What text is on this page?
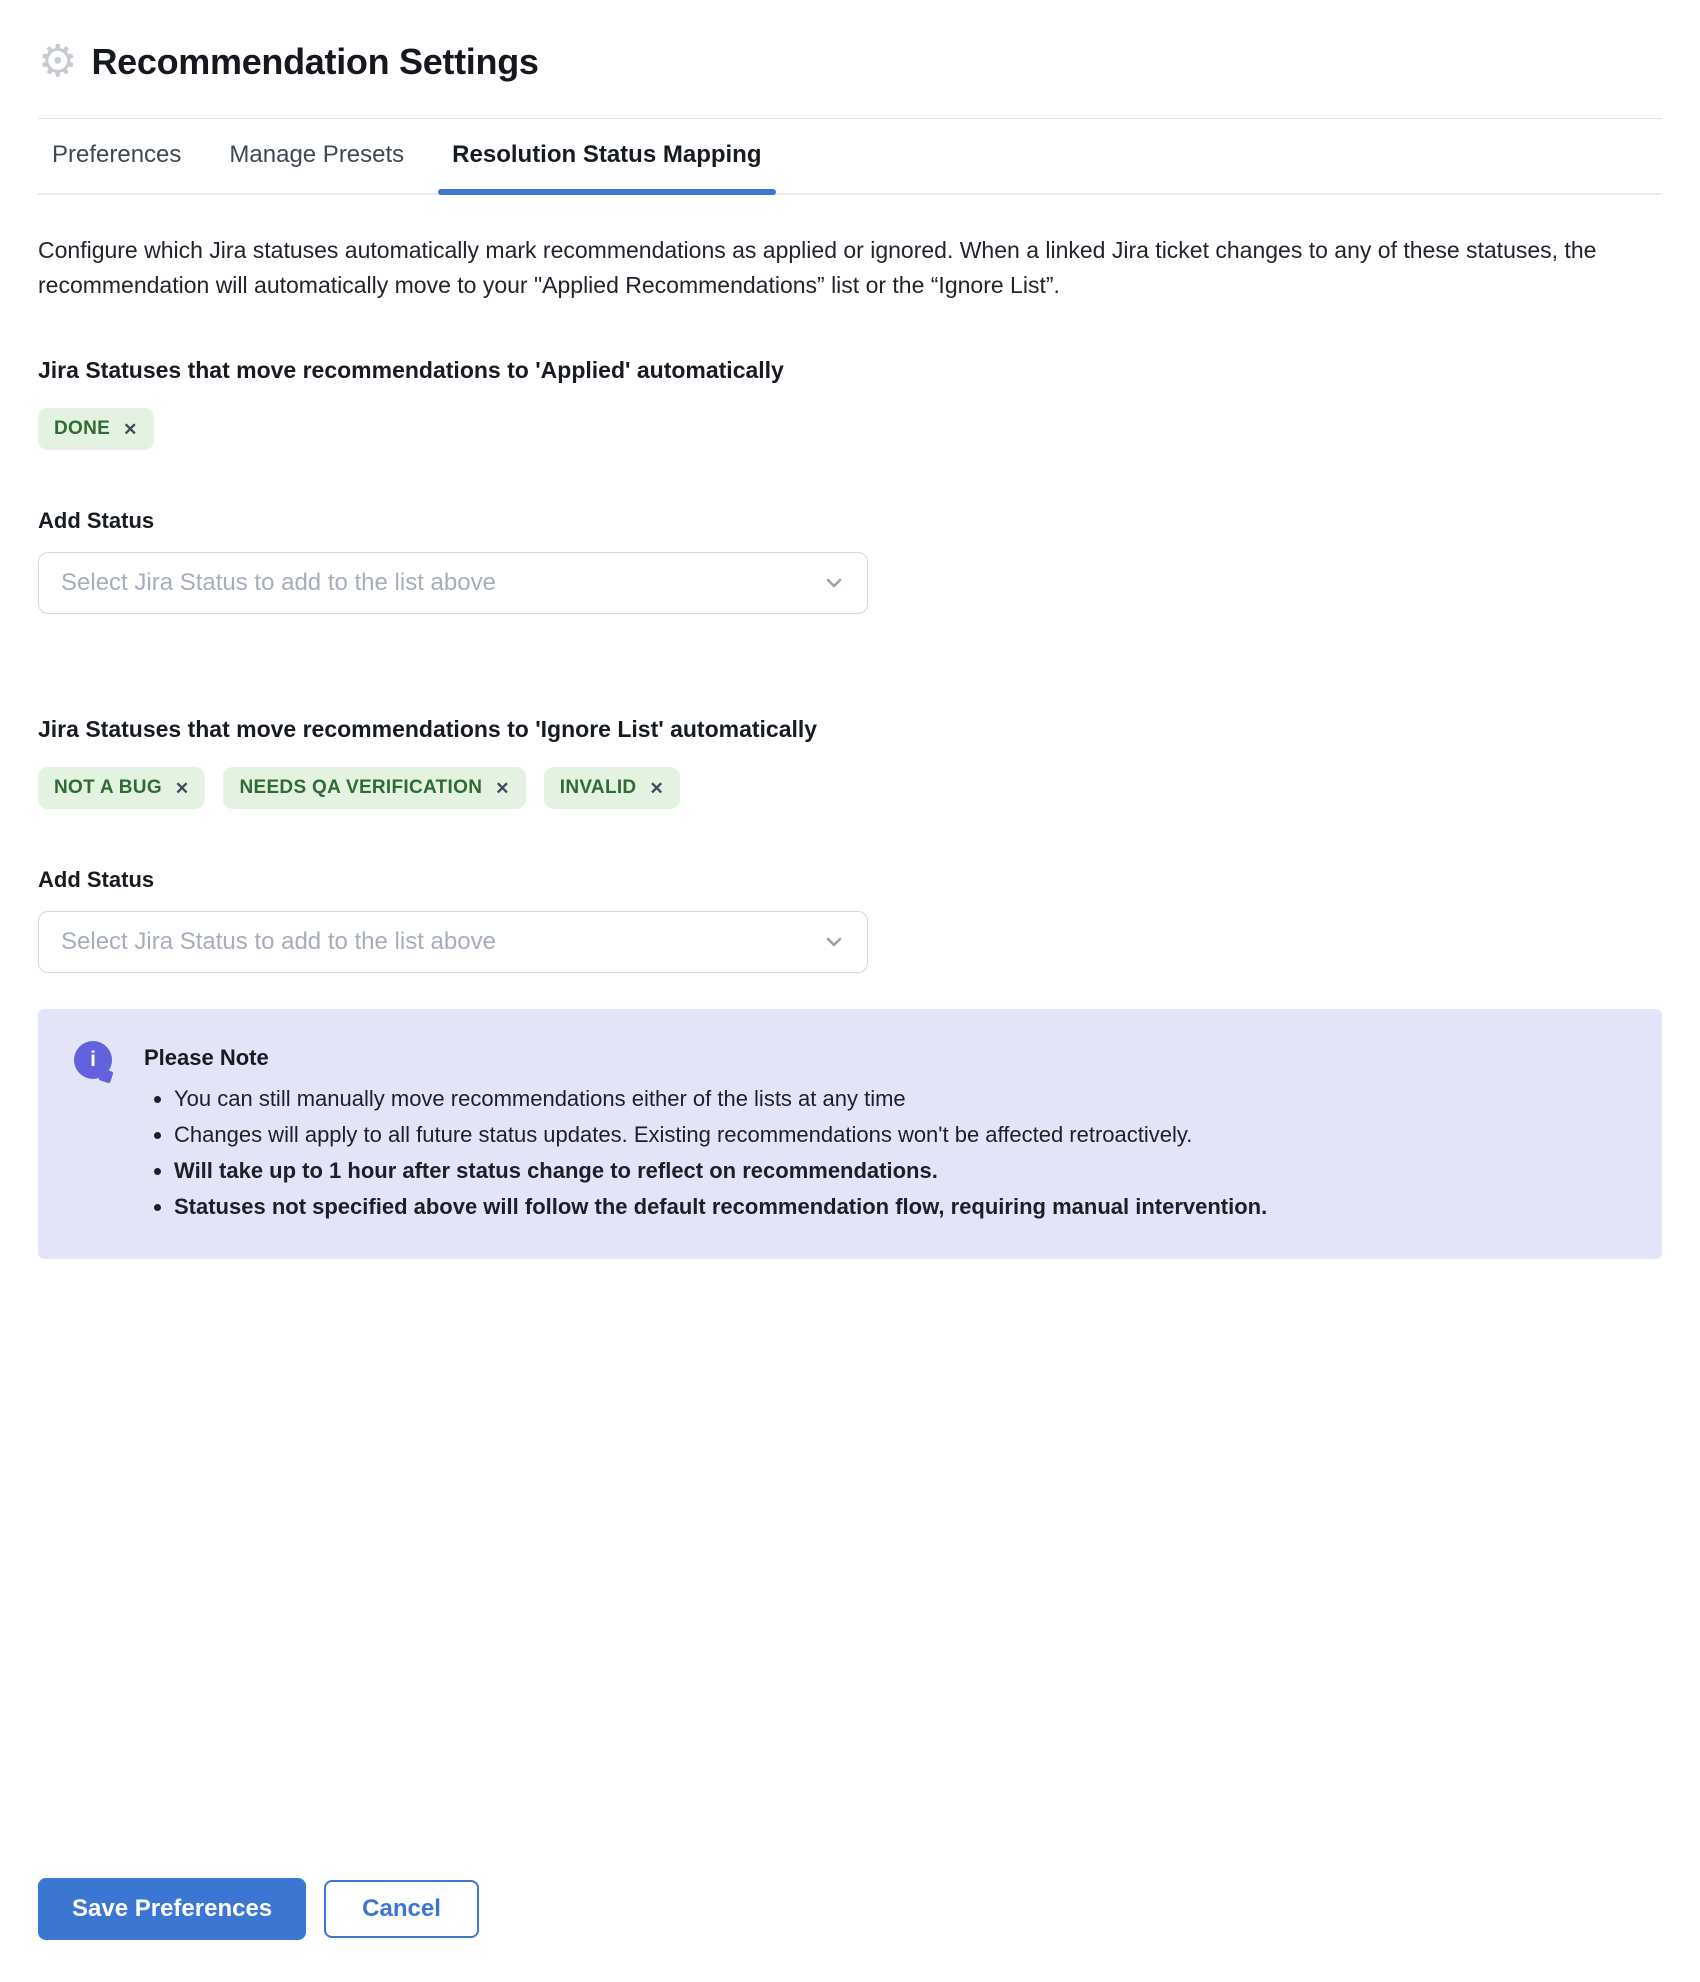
⚙ Recommendation Settings
Preferences	Manage Presets	Resolution Status Mapping

Configure which Jira statuses automatically mark recommendations as applied or ignored. When a linked Jira ticket changes to any of these statuses, the recommendation will automatically move to your "Applied Recommendations” list or the “Ignore List”.

Jira Statuses that move recommendations to 'Applied' automatically
DONE ✕
Add Status
Select Jira Status to add to the list above
Jira Statuses that move recommendations to 'Ignore List' automatically
NOT A BUG ✕	NEEDS QA VERIFICATION ✕	INVALID ✕
Add Status
Select Jira Status to add to the list above
i	Please Note
• You can still manually move recommendations either of the lists at any time
• Changes will apply to all future status updates. Existing recommendations won't be affected retroactively.
• Will take up to 1 hour after status change to reflect on recommendations.
• Statuses not specified above will follow the default recommendation flow, requiring manual intervention.
Save Preferences	Cancel
